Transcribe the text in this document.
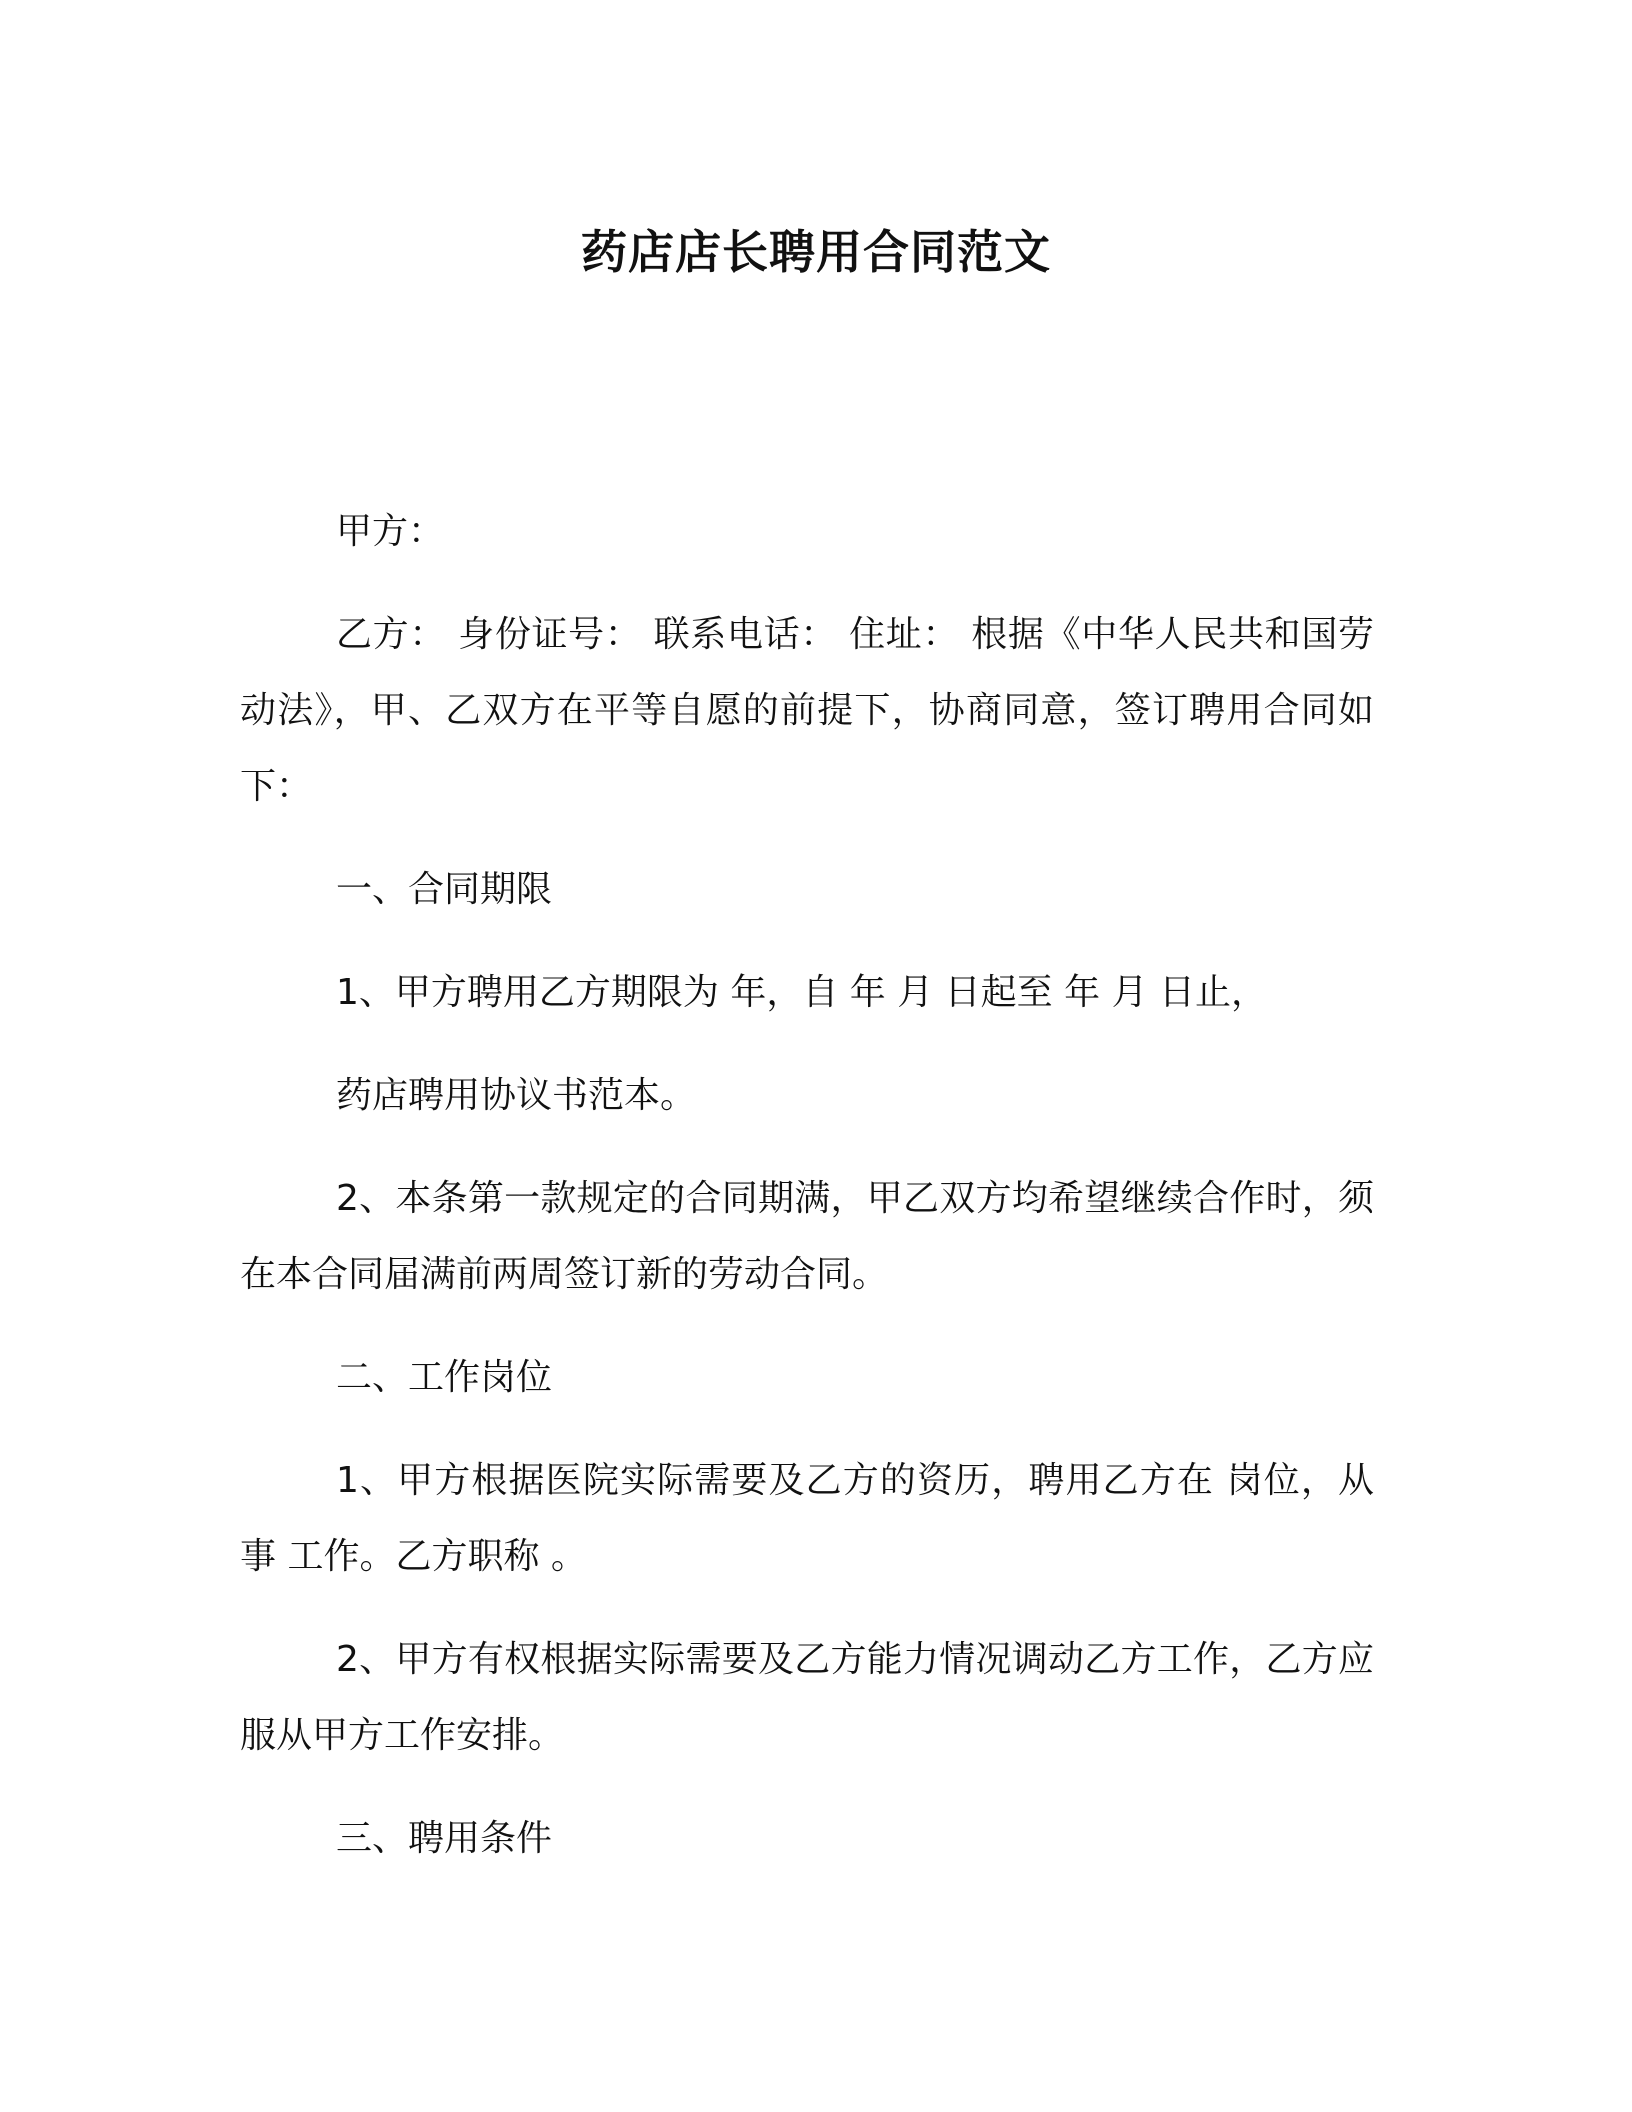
药店店长聘用合同范文

甲方：

乙方： 身份证号： 联系电话： 住址： 根据《中华人民共和国劳动法》，甲、乙双方在平等自愿的前提下，协商同意，签订聘用合同如下：

一、合同期限

1、甲方聘用乙方期限为 年，自 年 月 日起至 年 月 日止，

药店聘用协议书范本。

2、本条第一款规定的合同期满，甲乙双方均希望继续合作时，须在本合同届满前两周签订新的劳动合同。

二、工作岗位

1、甲方根据医院实际需要及乙方的资历，聘用乙方在 岗位，从事 工作。乙方职称 。

2、甲方有权根据实际需要及乙方能力情况调动乙方工作，乙方应服从甲方工作安排。

三、聘用条件
